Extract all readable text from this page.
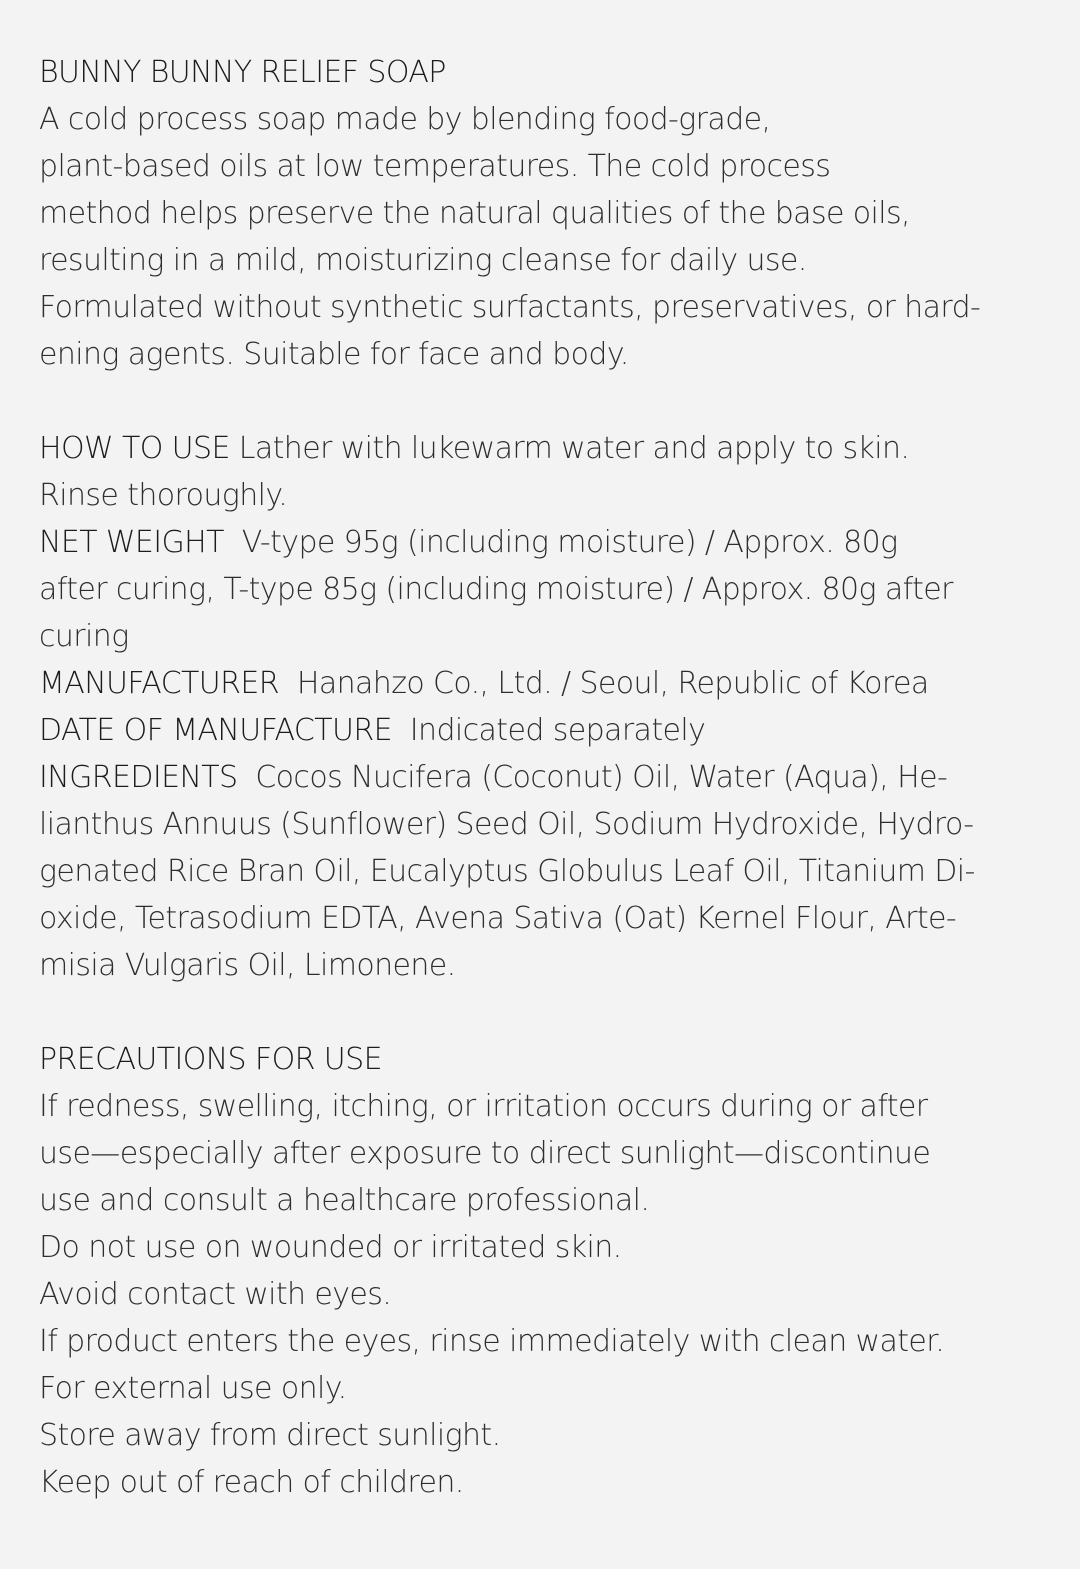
BUNNY BUNNY RELIEF SOAP
A cold process soap made by blending food-grade,
plant-based oils at low temperatures. The cold process
method helps preserve the natural qualities of the base oils,
resulting in a mild, moisturizing cleanse for daily use.
Formulated without synthetic surfactants, preservatives, or hard-
ening agents. Suitable for face and body.
HOW TO USE Lather with lukewarm water and apply to skin.
Rinse thoroughly.
NET WEIGHT  V-type 95g (including moisture) / Approx. 80g
after curing, T-type 85g (including moisture) / Approx. 80g after
curing
MANUFACTURER  Hanahzo Co., Ltd. / Seoul, Republic of Korea
DATE OF MANUFACTURE  Indicated separately
INGREDIENTS  Cocos Nucifera (Coconut) Oil, Water (Aqua), He-
lianthus Annuus (Sunflower) Seed Oil, Sodium Hydroxide, Hydro-
genated Rice Bran Oil, Eucalyptus Globulus Leaf Oil, Titanium Di-
oxide, Tetrasodium EDTA, Avena Sativa (Oat) Kernel Flour, Arte-
misia Vulgaris Oil, Limonene.
PRECAUTIONS FOR USE
If redness, swelling, itching, or irritation occurs during or after
use—especially after exposure to direct sunlight—discontinue
use and consult a healthcare professional.
Do not use on wounded or irritated skin.
Avoid contact with eyes.
If product enters the eyes, rinse immediately with clean water.
For external use only.
Store away from direct sunlight.
Keep out of reach of children.
